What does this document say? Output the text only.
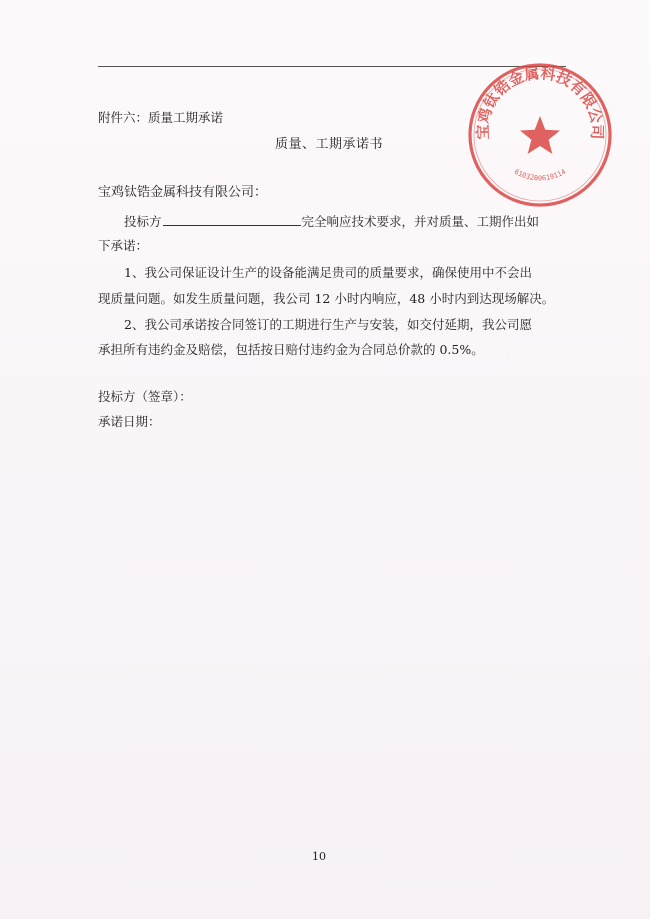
附件六：质量工期承诺
质量、工期承诺书
宝鸡钛锆金属科技有限公司：
投标方	完全响应技术要求，并对质量、工期作出如
下承诺：
1、我公司保证设计生产的设备能满足贵司的质量要求，确保使用中不会出
现质量问题。如发生质量问题，我公司 12 小时内响应，48 小时内到达现场解决。
2、我公司承诺按合同签订的工期进行生产与安装，如交付延期，我公司愿
承担所有违约金及赔偿，包括按日赔付违约金为合同总价款的 0.5%。
投标方（签章）：
承诺日期：
10
宝鸡钛锆金属科技有限公司
6103280619114
